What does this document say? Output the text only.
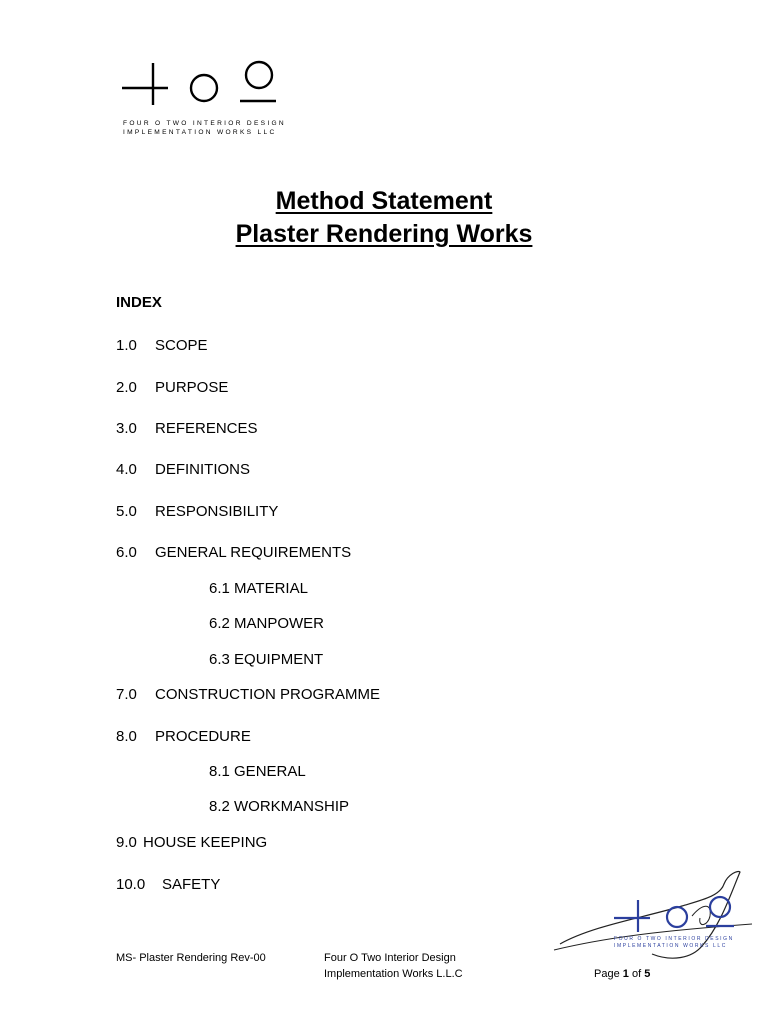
FOUR O TWO INTERIOR DESIGN
IMPLEMENTATION WORKS LLC
Method Statement
Plaster Rendering Works
INDEX
1.0 SCOPE
2.0 PURPOSE
3.0 REFERENCES
4.0 DEFINITIONS
5.0 RESPONSIBILITY
6.0 GENERAL REQUIREMENTS
6.1 MATERIAL
6.2 MANPOWER
6.3 EQUIPMENT
7.0 CONSTRUCTION PROGRAMME
8.0 PROCEDURE
8.1 GENERAL
8.2 WORKMANSHIP
9.0 HOUSE KEEPING
10.0 SAFETY
FOUR O TWO INTERIOR DESIGN
IMPLEMENTATION WORKS LLC
MS- Plaster Rendering Rev-00	Four O Two Interior Design
Implementation Works L.L.C	Page 1 of 5
